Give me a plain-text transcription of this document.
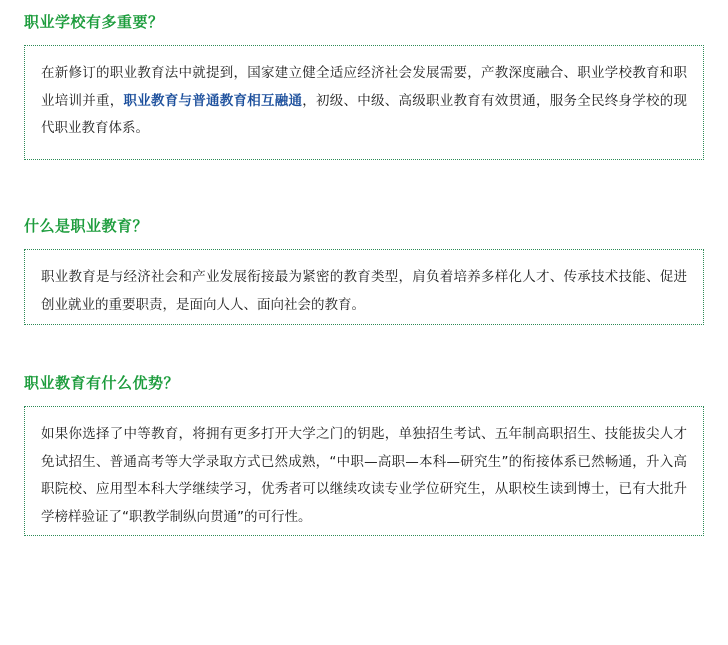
职业学校有多重要？

在新修订的职业教育法中就提到，国家建立健全适应经济社会发展需要，产教深度融合、职业学校教育和职业培训并重，职业教育与普通教育相互融通，初级、中级、高级职业教育有效贯通，服务全民终身学校的现代职业教育体系。

什么是职业教育？

职业教育是与经济社会和产业发展衔接最为紧密的教育类型，肩负着培养多样化人才、传承技术技能、促进创业就业的重要职责，是面向人人、面向社会的教育。

职业教育有什么优势？

如果你选择了中等教育，将拥有更多打开大学之门的钥匙，单独招生考试、五年制高职招生、技能拔尖人才免试招生、普通高考等大学录取方式已然成熟，“中职—高职—本科—研究生”的衔接体系已然畅通，升入高职院校、应用型本科大学继续学习，优秀者可以继续攻读专业学位研究生，从职校生读到博士，已有大批升学榜样验证了“职教学制纵向贯通”的可行性。
